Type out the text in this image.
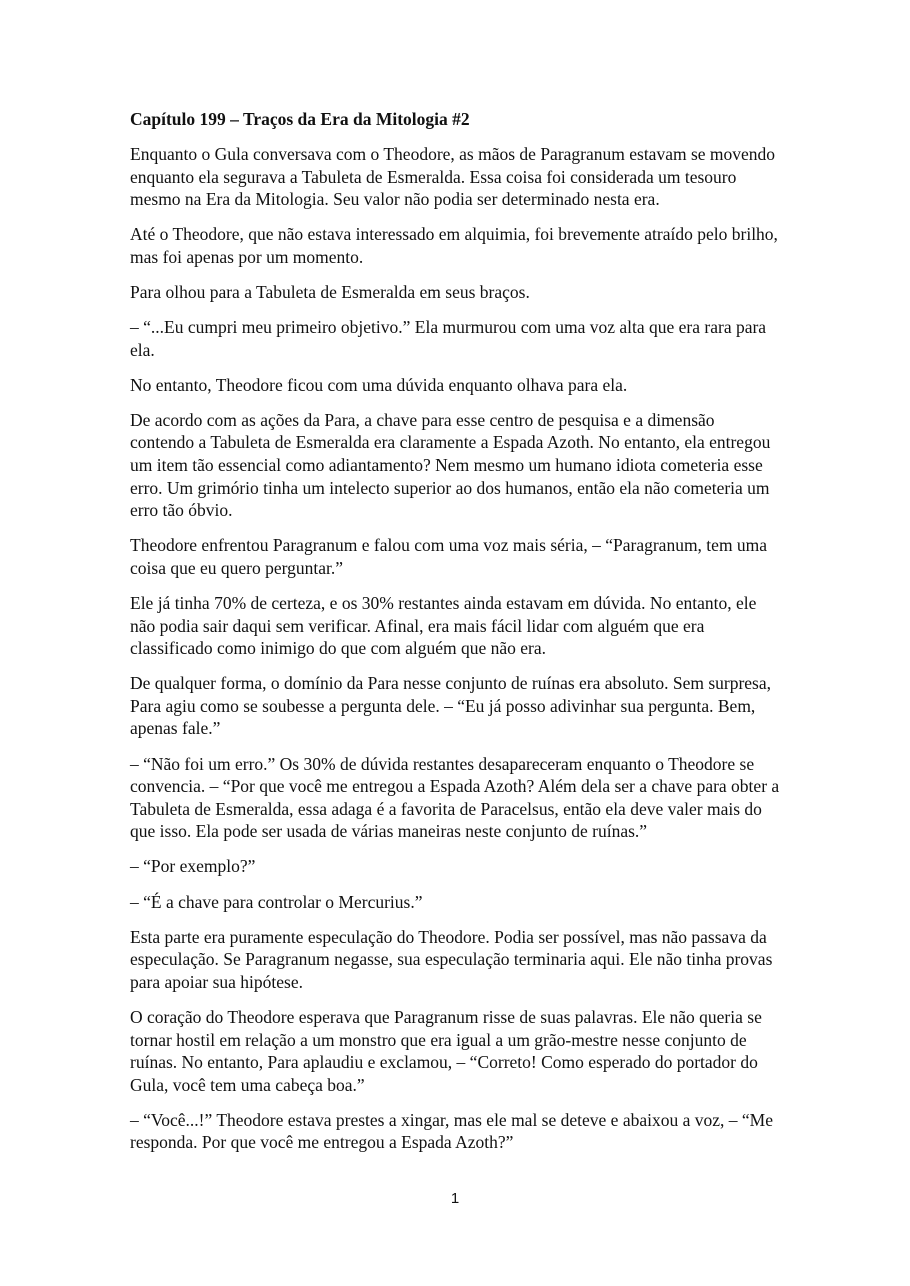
Capítulo 199 – Traços da Era da Mitologia #2

Enquanto o Gula conversava com o Theodore, as mãos de Paragranum estavam se movendo enquanto ela segurava a Tabuleta de Esmeralda. Essa coisa foi considerada um tesouro mesmo na Era da Mitologia. Seu valor não podia ser determinado nesta era.

Até o Theodore, que não estava interessado em alquimia, foi brevemente atraído pelo brilho, mas foi apenas por um momento.

Para olhou para a Tabuleta de Esmeralda em seus braços.

– “...Eu cumpri meu primeiro objetivo.” Ela murmurou com uma voz alta que era rara para ela.

No entanto, Theodore ficou com uma dúvida enquanto olhava para ela.

De acordo com as ações da Para, a chave para esse centro de pesquisa e a dimensão contendo a Tabuleta de Esmeralda era claramente a Espada Azoth. No entanto, ela entregou um item tão essencial como adiantamento? Nem mesmo um humano idiota cometeria esse erro. Um grimório tinha um intelecto superior ao dos humanos, então ela não cometeria um erro tão óbvio.

Theodore enfrentou Paragranum e falou com uma voz mais séria, – “Paragranum, tem uma coisa que eu quero perguntar.”

Ele já tinha 70% de certeza, e os 30% restantes ainda estavam em dúvida. No entanto, ele não podia sair daqui sem verificar. Afinal, era mais fácil lidar com alguém que era classificado como inimigo do que com alguém que não era.

De qualquer forma, o domínio da Para nesse conjunto de ruínas era absoluto. Sem surpresa, Para agiu como se soubesse a pergunta dele. – “Eu já posso adivinhar sua pergunta. Bem, apenas fale.”

– “Não foi um erro.” Os 30% de dúvida restantes desapareceram enquanto o Theodore se convencia. – “Por que você me entregou a Espada Azoth? Além dela ser a chave para obter a Tabuleta de Esmeralda, essa adaga é a favorita de Paracelsus, então ela deve valer mais do que isso. Ela pode ser usada de várias maneiras neste conjunto de ruínas.”

– “Por exemplo?”

– “É a chave para controlar o Mercurius.”

Esta parte era puramente especulação do Theodore. Podia ser possível, mas não passava da especulação. Se Paragranum negasse, sua especulação terminaria aqui. Ele não tinha provas para apoiar sua hipótese.

O coração do Theodore esperava que Paragranum risse de suas palavras. Ele não queria se tornar hostil em relação a um monstro que era igual a um grão-mestre nesse conjunto de ruínas. No entanto, Para aplaudiu e exclamou, – “Correto! Como esperado do portador do Gula, você tem uma cabeça boa.”

– “Você...!” Theodore estava prestes a xingar, mas ele mal se deteve e abaixou a voz, – “Me responda. Por que você me entregou a Espada Azoth?”

1
